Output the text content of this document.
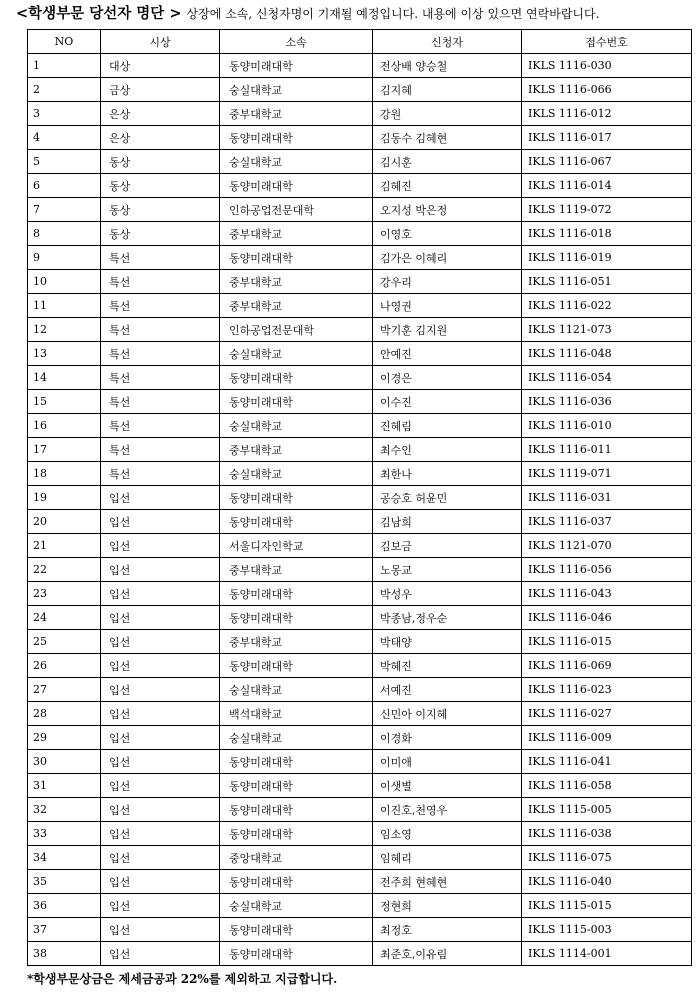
<학생부문 당선자 명단 > 상장에 소속, 신청자명이 기재될 예정입니다. 내용에 이상 있으면 연락바랍니다.
NO	시상	소속	신청자	접수번호
1	대상	동양미래대학	전상배 양승철	IKLS 1116-030
2	금상	숭실대학교	김지혜	IKLS 1116-066
3	은상	중부대학교	강원	IKLS 1116-012
4	은상	동양미래대학	김동수 김혜현	IKLS 1116-017
5	동상	숭실대학교	김시훈	IKLS 1116-067
6	동상	동양미래대학	김혜진	IKLS 1116-014
7	동상	인하공업전문대학	오지성 박은정	IKLS 1119-072
8	동상	중부대학교	이영호	IKLS 1116-018
9	특선	동양미래대학	김가은 이혜리	IKLS 1116-019
10	특선	중부대학교	강우리	IKLS 1116-051
11	특선	중부대학교	나영권	IKLS 1116-022
12	특선	인하공업전문대학	박기훈 김지원	IKLS 1121-073
13	특선	숭실대학교	안예진	IKLS 1116-048
14	특선	동양미래대학	이경은	IKLS 1116-054
15	특선	동양미래대학	이수진	IKLS 1116-036
16	특선	숭실대학교	진혜림	IKLS 1116-010
17	특선	중부대학교	최수인	IKLS 1116-011
18	특선	숭실대학교	최한나	IKLS 1119-071
19	입선	동양미래대학	공승호 허윤민	IKLS 1116-031
20	입선	동양미래대학	김남희	IKLS 1116-037
21	입선	서울디자인학교	김보금	IKLS 1121-070
22	입선	중부대학교	노몽교	IKLS 1116-056
23	입선	동양미래대학	박성우	IKLS 1116-043
24	입선	동양미래대학	박종남,정우순	IKLS 1116-046
25	입선	중부대학교	박태양	IKLS 1116-015
26	입선	동양미래대학	박혜진	IKLS 1116-069
27	입선	숭실대학교	서예진	IKLS 1116-023
28	입선	백석대학교	신민아 이지혜	IKLS 1116-027
29	입선	숭실대학교	이경화	IKLS 1116-009
30	입선	동양미래대학	이미애	IKLS 1116-041
31	입선	동양미래대학	이샛별	IKLS 1116-058
32	입선	동양미래대학	이진호,천영우	IKLS 1115-005
33	입선	동양미래대학	임소영	IKLS 1116-038
34	입선	중앙대학교	임혜리	IKLS 1116-075
35	입선	동양미래대학	전주희 현혜현	IKLS 1116-040
36	입선	숭실대학교	정현희	IKLS 1115-015
37	입선	동양미래대학	최정호	IKLS 1115-003
38	입선	동양미래대학	최준호,이유림	IKLS 1114-001
*학생부문상금은 제세금공과 22%를 제외하고 지급합니다.
